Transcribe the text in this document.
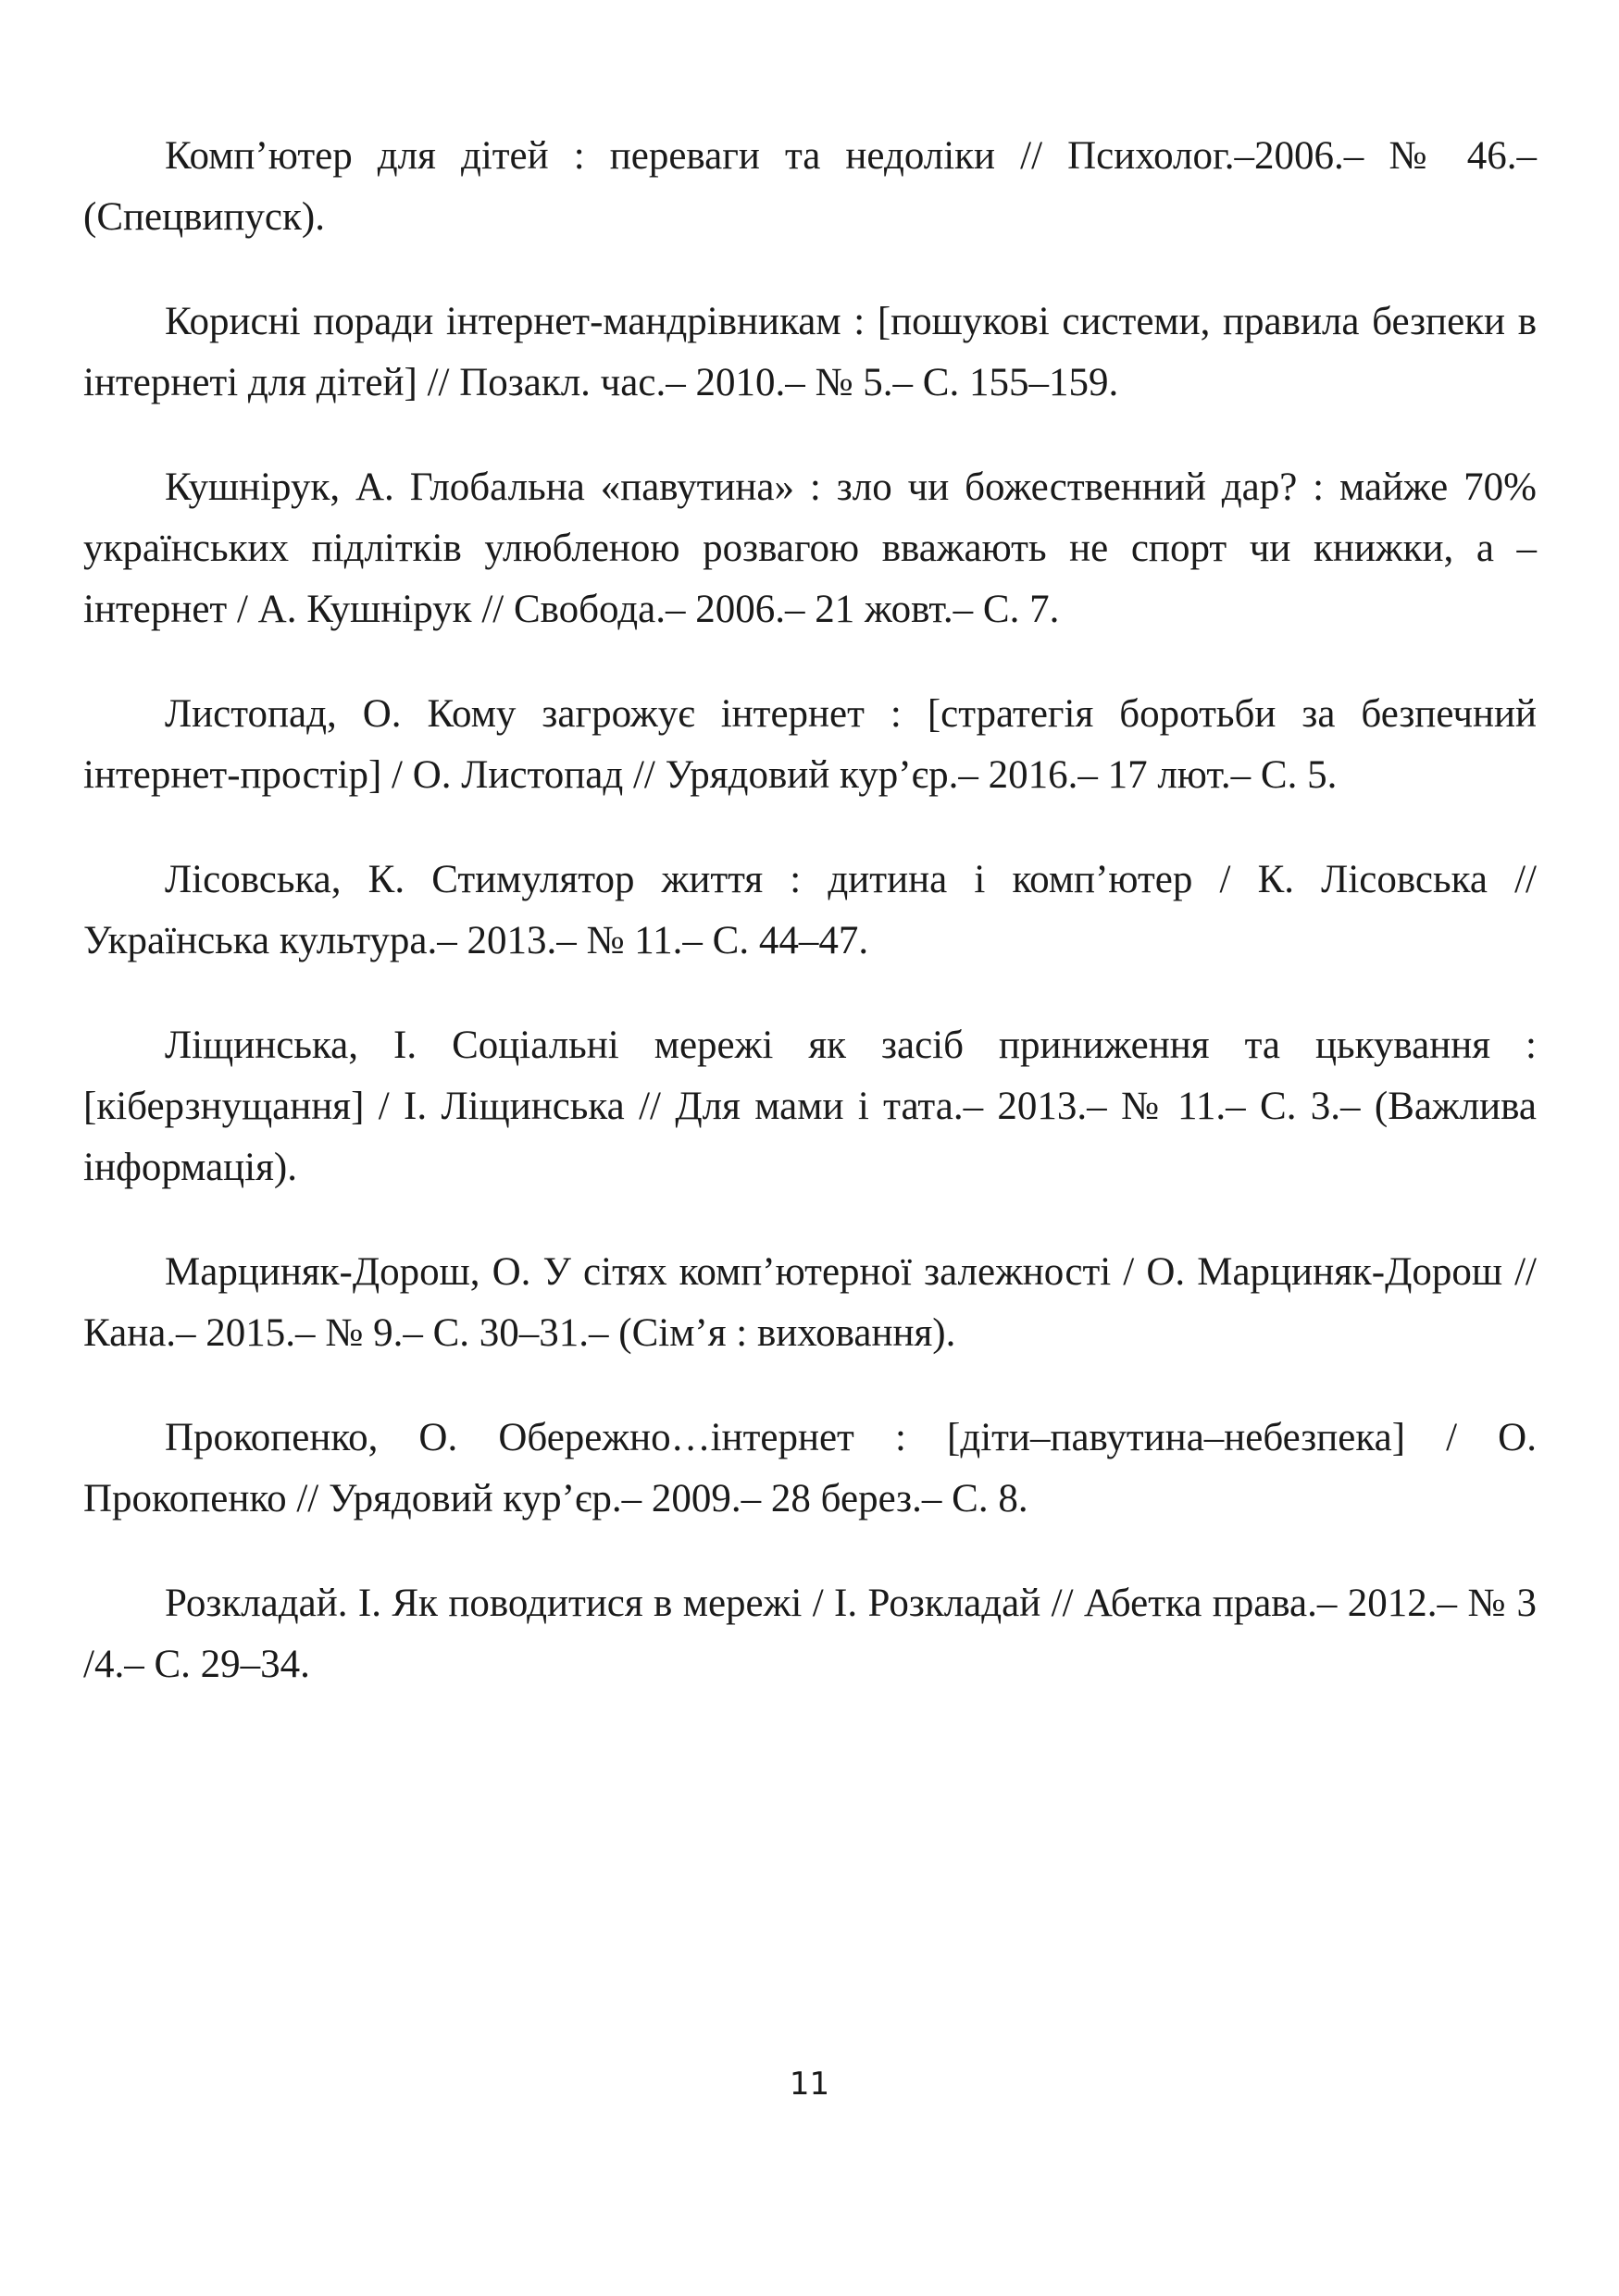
Комп’ютер для дітей : переваги та недоліки // Психолог.–2006.– № 46.– (Спецвипуск).
Корисні поради інтернет-мандрівникам : [пошукові системи, правила безпеки в інтернеті для дітей] // Позакл. час.– 2010.– № 5.– С. 155–159.
Кушнірук, А. Глобальна «павутина» : зло чи божественний дар? : майже 70% українських підлітків улюбленою розвагою вважають не спорт чи книжки, а – інтернет / А. Кушнірук // Свобода.– 2006.– 21 жовт.– С. 7.
Листопад, О. Кому загрожує інтернет : [стратегія боротьби за безпечний інтернет-простір] / О. Листопад // Урядовий кур’єр.– 2016.– 17 лют.– С. 5.
Лісовська, К. Стимулятор життя : дитина і комп’ютер / К. Лісовська // Українська культура.– 2013.– № 11.– С. 44–47.
Ліщинська, І. Соціальні мережі як засіб приниження та цькування : [кіберзнущання] / І. Ліщинська // Для мами і тата.– 2013.– № 11.– С. 3.– (Важлива інформація).
Марциняк-Дорош, О. У сітях комп’ютерної залежності / О. Марциняк-Дорош // Кана.– 2015.– № 9.– С. 30–31.– (Сім’я : виховання).
Прокопенко, О. Обережно…інтернет : [діти–павутина–небезпека] / О. Прокопенко // Урядовий кур’єр.– 2009.– 28 берез.– С. 8.
Розкладай. І. Як поводитися в мережі / І. Розкладай // Абетка права.– 2012.– № 3 /4.– С. 29–34.
11
